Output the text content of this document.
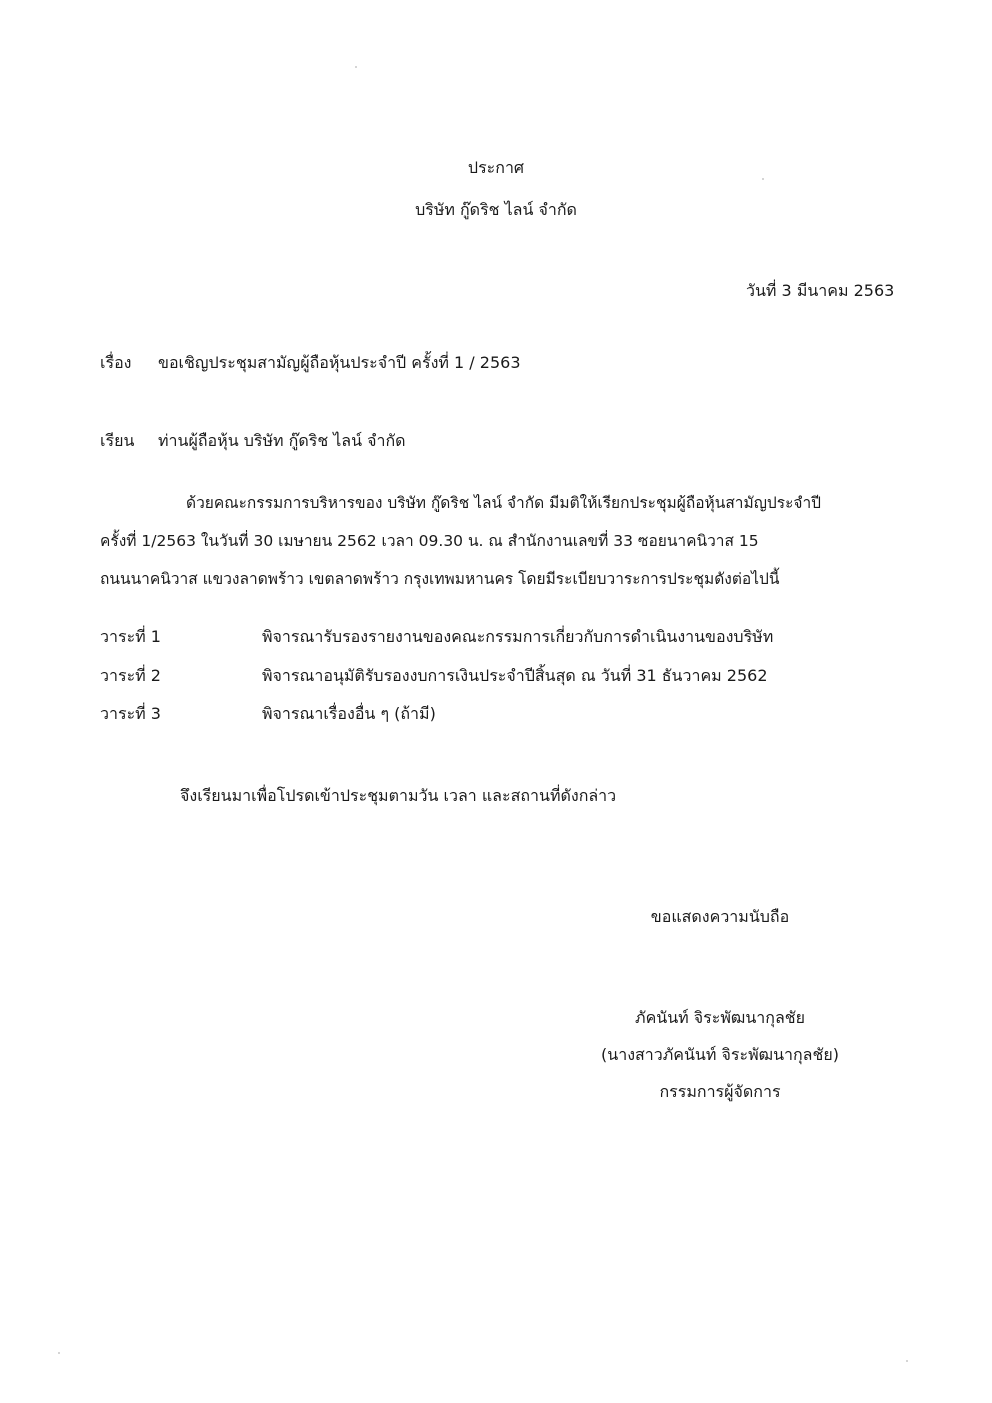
ประกาศ
บริษัท กู๊ดริช ไลน์ จำกัด
วันที่ 3 มีนาคม 2563
เรื่อง ขอเชิญประชุมสามัญผู้ถือหุ้นประจำปี ครั้งที่ 1 / 2563
เรียน ท่านผู้ถือหุ้น บริษัท กู๊ดริช ไลน์ จำกัด
ด้วยคณะกรรมการบริหารของ บริษัท กู๊ดริช ไลน์ จำกัด มีมติให้เรียกประชุมผู้ถือหุ้นสามัญประจำปี
ครั้งที่ 1/2563 ในวันที่ 30 เมษายน 2562 เวลา 09.30 น. ณ สำนักงานเลขที่ 33 ซอยนาคนิวาส 15
ถนนนาคนิวาส แขวงลาดพร้าว เขตลาดพร้าว กรุงเทพมหานคร โดยมีระเบียบวาระการประชุมดังต่อไปนี้
วาระที่ 1	พิจารณารับรองรายงานของคณะกรรมการเกี่ยวกับการดำเนินงานของบริษัท
วาระที่ 2	พิจารณาอนุมัติรับรองงบการเงินประจำปีสิ้นสุด ณ วันที่ 31 ธันวาคม 2562
วาระที่ 3	พิจารณาเรื่องอื่น ๆ (ถ้ามี)
จึงเรียนมาเพื่อโปรดเข้าประชุมตามวัน เวลา และสถานที่ดังกล่าว
ขอแสดงความนับถือ
ภัคนันท์ จิระพัฒนากุลชัย
(นางสาวภัคนันท์ จิระพัฒนากุลชัย)
กรรมการผู้จัดการ
